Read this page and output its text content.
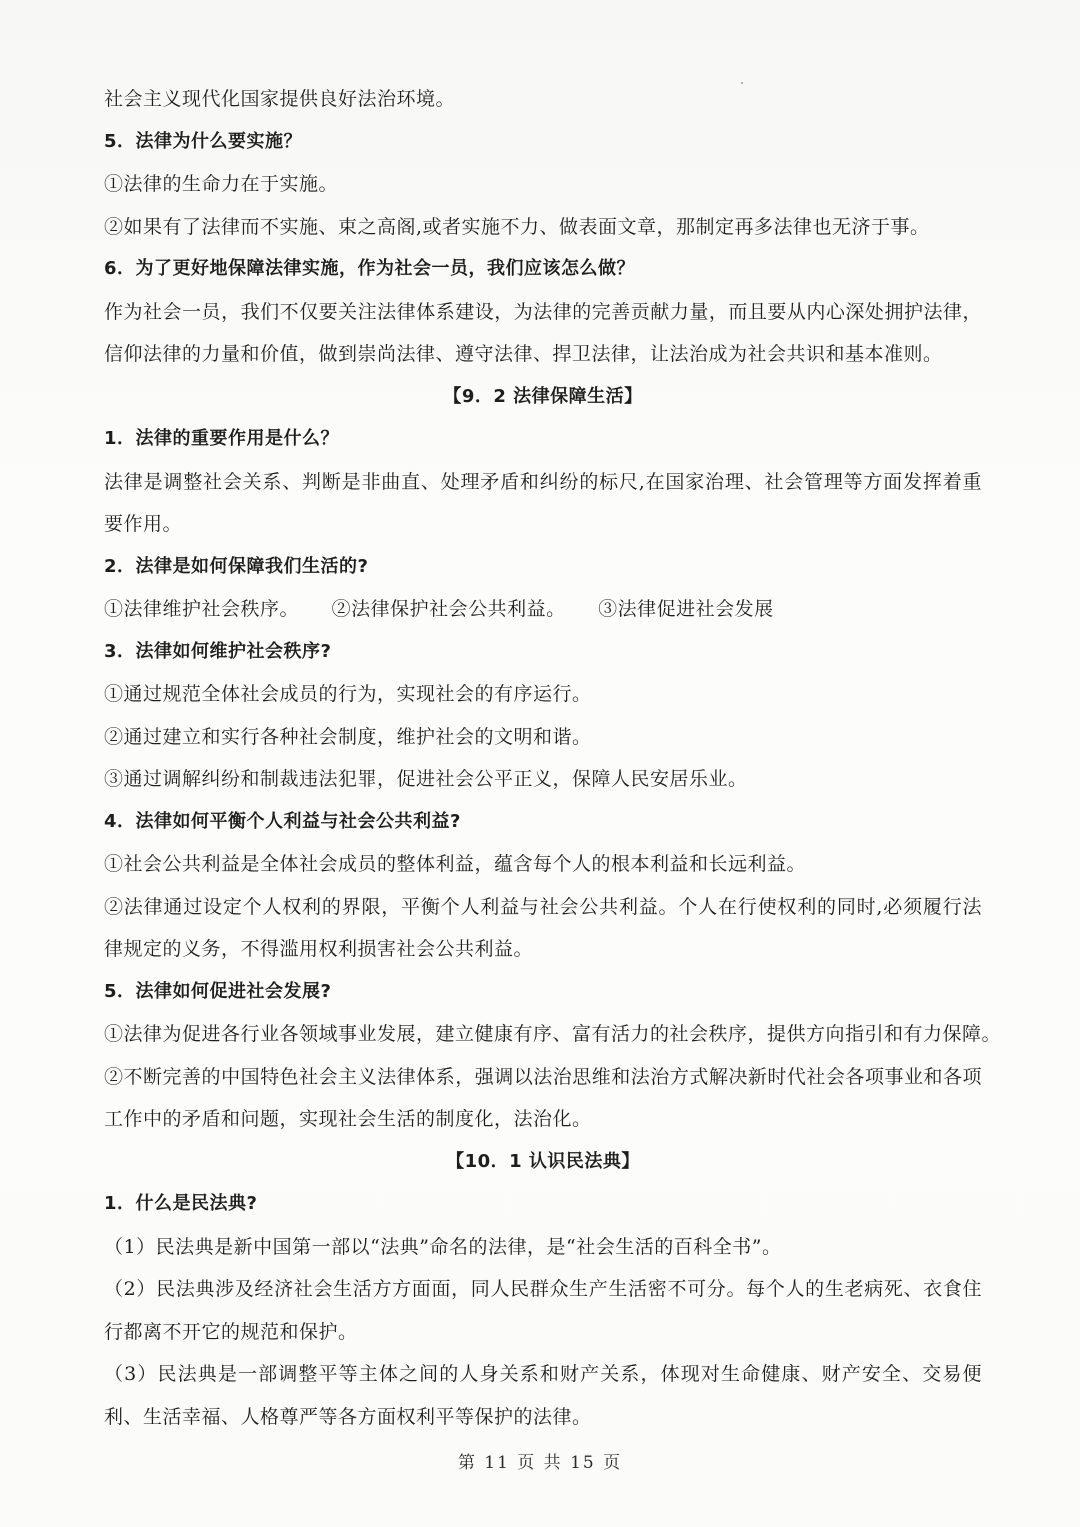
社会主义现代化国家提供良好法治环境。
5．法律为什么要实施？
①法律的生命力在于实施。
②如果有了法律而不实施、束之高阁,或者实施不力、做表面文章，那制定再多法律也无济于事。
6．为了更好地保障法律实施，作为社会一员，我们应该怎么做？
作为社会一员，我们不仅要关注法律体系建设，为法律的完善贡献力量，而且要从内心深处拥护法律，信仰法律的力量和价值，做到崇尚法律、遵守法律、捍卫法律，让法治成为社会共识和基本准则。
【9．2 法律保障生活】
1．法律的重要作用是什么？
法律是调整社会关系、判断是非曲直、处理矛盾和纠纷的标尺,在国家治理、社会管理等方面发挥着重要作用。
2．法律是如何保障我们生活的?
①法律维护社会秩序。 ②法律保护社会公共利益。 ③法律促进社会发展
3．法律如何维护社会秩序?
①通过规范全体社会成员的行为，实现社会的有序运行。
②通过建立和实行各种社会制度，维护社会的文明和谐。
③通过调解纠纷和制裁违法犯罪，促进社会公平正义，保障人民安居乐业。
4．法律如何平衡个人利益与社会公共利益?
①社会公共利益是全体社会成员的整体利益，蕴含每个人的根本利益和长远利益。
②法律通过设定个人权利的界限，平衡个人利益与社会公共利益。个人在行使权利的同时,必须履行法律规定的义务，不得滥用权利损害社会公共利益。
5．法律如何促进社会发展?
①法律为促进各行业各领域事业发展，建立健康有序、富有活力的社会秩序，提供方向指引和有力保障。
②不断完善的中国特色社会主义法律体系，强调以法治思维和法治方式解决新时代社会各项事业和各项工作中的矛盾和问题，实现社会生活的制度化，法治化。
【10．1 认识民法典】
1．什么是民法典?
（1）民法典是新中国第一部以“法典”命名的法律，是“社会生活的百科全书”。
（2）民法典涉及经济社会生活方方面面，同人民群众生产生活密不可分。每个人的生老病死、衣食住行都离不开它的规范和保护。
（3）民法典是一部调整平等主体之间的人身关系和财产关系，体现对生命健康、财产安全、交易便利、生活幸福、人格尊严等各方面权利平等保护的法律。
第 11 页 共 15 页
